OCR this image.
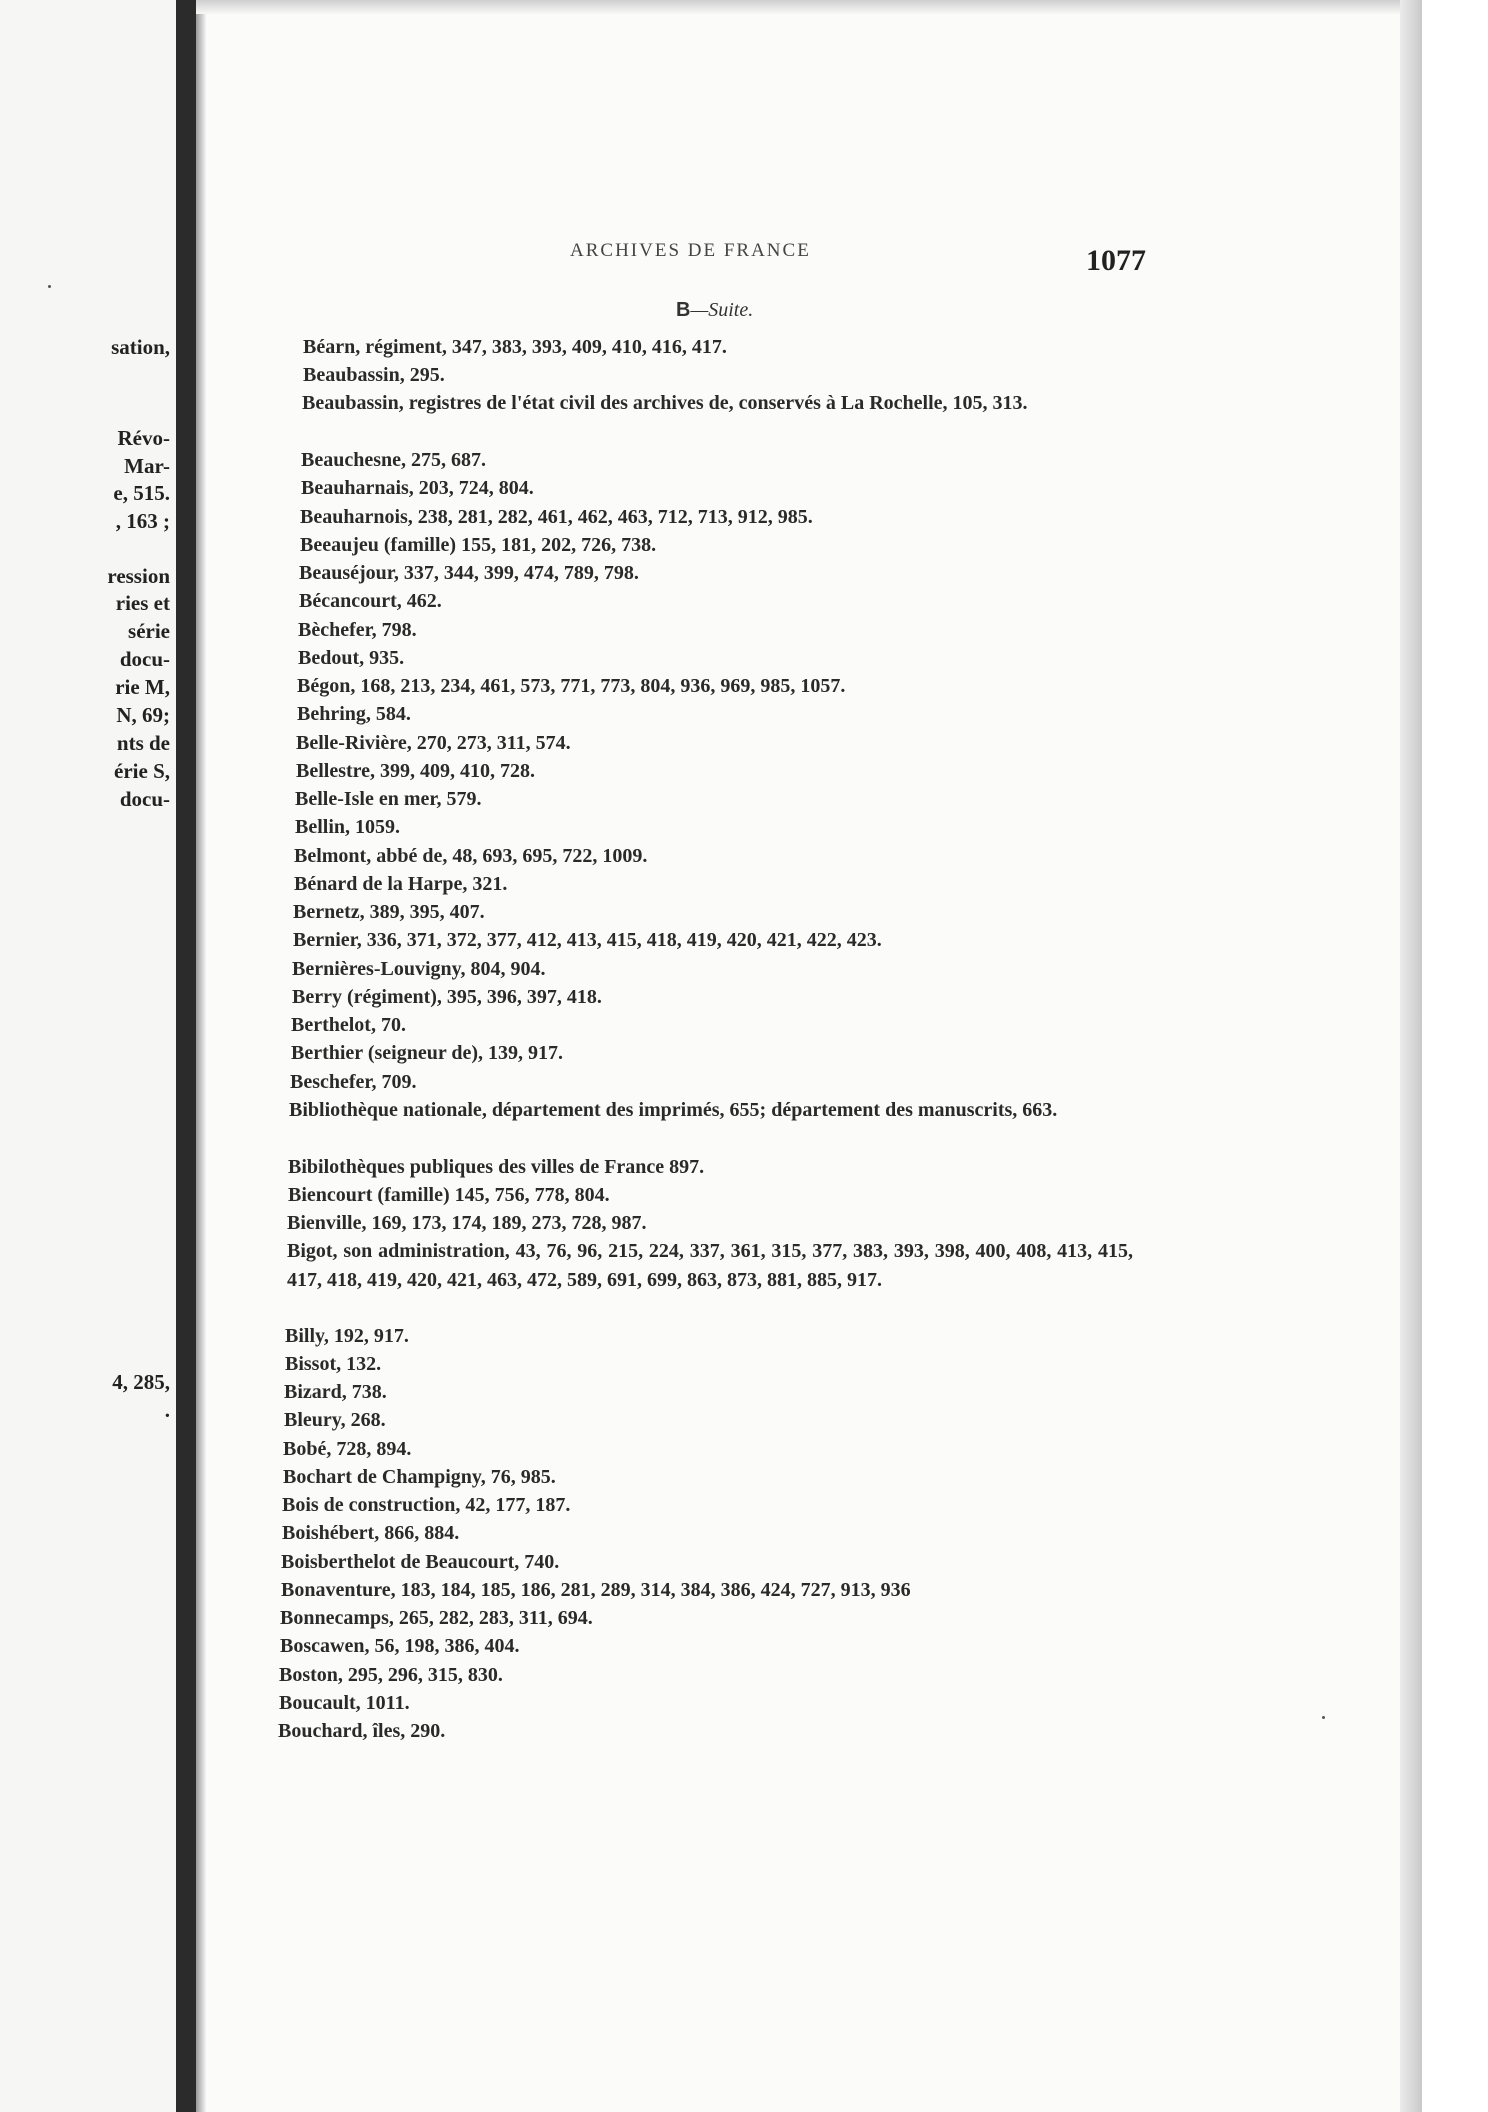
sation,

Révo-

Mar-

e, 515.

, 163 ;

ression

ries et

série

docu-

rie M,

N, 69;

nts de

érie S,

docu-

4, 285,

.

ARCHIVES DE FRANCE	1077
B—Suite.
Béarn, régiment, 347, 383, 393, 409, 410, 416, 417.
Beaubassin, 295.
Beaubassin, registres de l'état civil des archives de, conservés à La Rochelle, 105, 313.
Beauchesne, 275, 687.
Beauharnais, 203, 724, 804.
Beauharnois, 238, 281, 282, 461, 462, 463, 712, 713, 912, 985.
Beeaujeu (famille) 155, 181, 202, 726, 738.
Beauséjour, 337, 344, 399, 474, 789, 798.
Bécancourt, 462.
Bèchefer, 798.
Bedout, 935.
Bégon, 168, 213, 234, 461, 573, 771, 773, 804, 936, 969, 985, 1057.
Behring, 584.
Belle-Rivière, 270, 273, 311, 574.
Bellestre, 399, 409, 410, 728.
Belle-Isle en mer, 579.
Bellin, 1059.
Belmont, abbé de, 48, 693, 695, 722, 1009.
Bénard de la Harpe, 321.
Bernetz, 389, 395, 407.
Bernier, 336, 371, 372, 377, 412, 413, 415, 418, 419, 420, 421, 422, 423.
Bernières-Louvigny, 804, 904.
Berry (régiment), 395, 396, 397, 418.
Berthelot, 70.
Berthier (seigneur de), 139, 917.
Beschefer, 709.
Bibliothèque nationale, département des imprimés, 655; département des manuscrits, 663.
Bibilothèques publiques des villes de France 897.
Biencourt (famille) 145, 756, 778, 804.
Bienville, 169, 173, 174, 189, 273, 728, 987.
Bigot, son administration, 43, 76, 96, 215, 224, 337, 361, 315, 377, 383, 393, 398, 400, 408, 413, 415, 417, 418, 419, 420, 421, 463, 472, 589, 691, 699, 863, 873, 881, 885, 917.
Billy, 192, 917.
Bissot, 132.
Bizard, 738.
Bleury, 268.
Bobé, 728, 894.
Bochart de Champigny, 76, 985.
Bois de construction, 42, 177, 187.
Boishébert, 866, 884.
Boisberthelot de Beaucourt, 740.
Bonaventure, 183, 184, 185, 186, 281, 289, 314, 384, 386, 424, 727, 913, 936
Bonnecamps, 265, 282, 283, 311, 694.
Boscawen, 56, 198, 386, 404.
Boston, 295, 296, 315, 830.
Boucault, 1011.
Bouchard, îles, 290.
